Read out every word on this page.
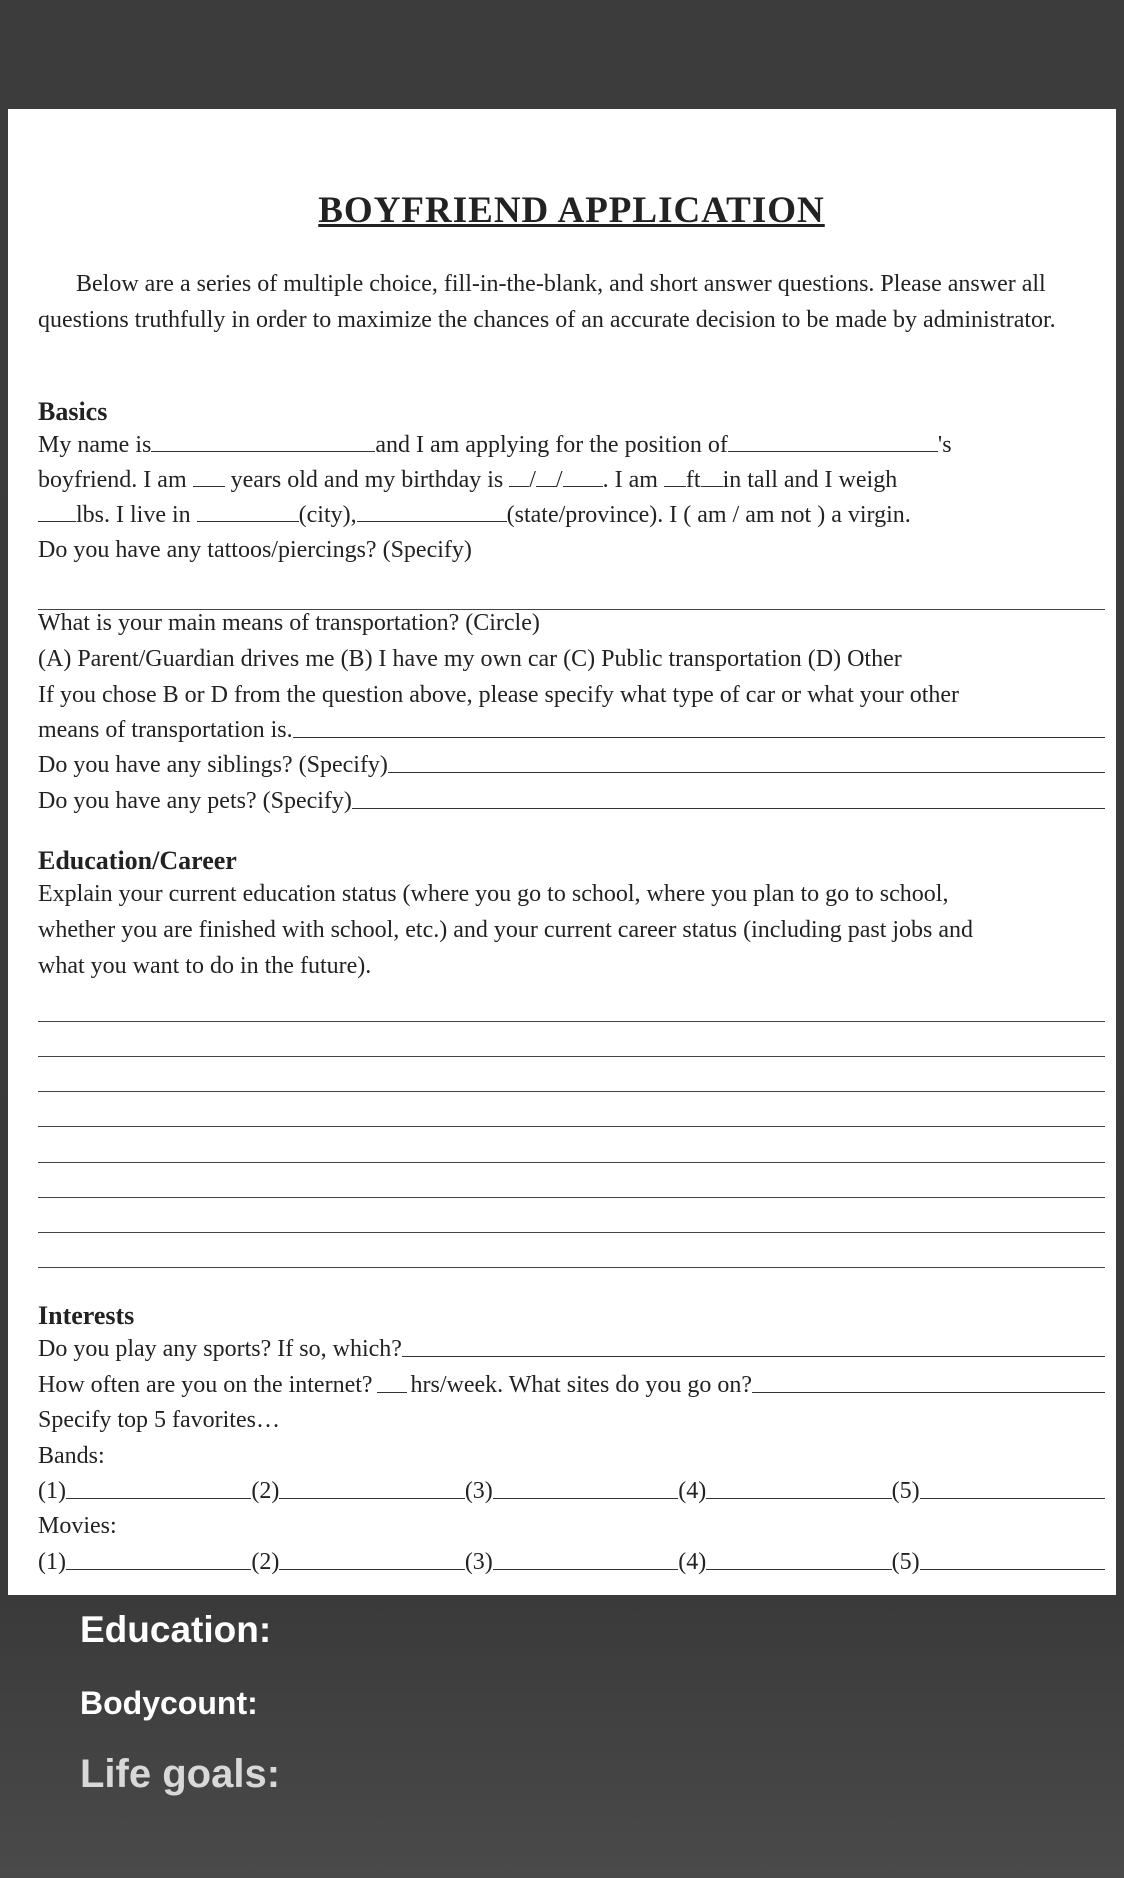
BOYFRIEND APPLICATION
Below are a series of multiple choice, fill-in-the-blank, and short answer questions. Please answer all questions truthfully in order to maximize the chances of an accurate decision to be made by administrator.
Basics
My name is	and I am applying for the position of	's
boyfriend. I am years old and my birthday is / / . I am ft in tall and I weigh
lbs. I live in	(city),	(state/province). I ( am / am not ) a virgin.
Do you have any tattoos/piercings? (Specify)
What is your main means of transportation? (Circle)
(A) Parent/Guardian drives me (B) I have my own car (C) Public transportation (D) Other
If you chose B or D from the question above, please specify what type of car or what your other
means of transportation is.
Do you have any siblings? (Specify)
Do you have any pets? (Specify)
Education/Career
Explain your current education status (where you go to school, where you plan to go to school,
whether you are finished with school, etc.) and your current career status (including past jobs and
what you want to do in the future).
Interests
Do you play any sports? If so, which?
How often are you on the internet? hrs/week. What sites do you go on?
Specify top 5 favorites…
Bands:
(1)	(2)	(3)	(4)	(5)
Movies:
(1)	(2)	(3)	(4)	(5)
Education:
Bodycount:
Life goals:
